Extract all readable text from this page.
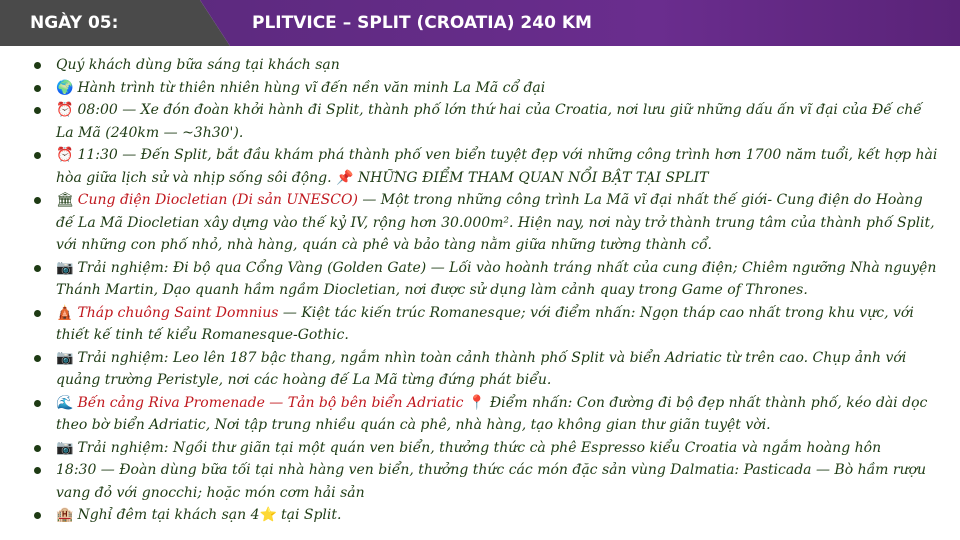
NGÀY 05:	PLITVICE – SPLIT (CROATIA) 240 KM
Quý khách dùng bữa sáng tại khách sạn
🌍 Hành trình từ thiên nhiên hùng vĩ đến nền văn minh La Mã cổ đại
⏰ 08:00 — Xe đón đoàn khởi hành đi Split, thành phố lớn thứ hai của Croatia, nơi lưu giữ những dấu ấn vĩ đại của Đế chế La Mã (240km — ~3h30').
⏰ 11:30 — Đến Split, bắt đầu khám phá thành phố ven biển tuyệt đẹp với những công trình hơn 1700 năm tuổi, kết hợp hài hòa giữa lịch sử và nhịp sống sôi động. 📌 NHỮNG ĐIỂM THAM QUAN NỔI BẬT TẠI SPLIT
🏛 Cung điện Diocletian (Di sản UNESCO) — Một trong những công trình La Mã vĩ đại nhất thế giới- Cung điện do Hoàng đế La Mã Diocletian xây dựng vào thế kỷ IV, rộng hơn 30.000m². Hiện nay, nơi này trở thành trung tâm của thành phố Split, với những con phố nhỏ, nhà hàng, quán cà phê và bảo tàng nằm giữa những tường thành cổ.
📷 Trải nghiệm: Đi bộ qua Cổng Vàng (Golden Gate) — Lối vào hoành tráng nhất của cung điện; Chiêm ngưỡng Nhà nguyện Thánh Martin, Dạo quanh hầm ngầm Diocletian, nơi được sử dụng làm cảnh quay trong Game of Thrones.
🛕 Tháp chuông Saint Domnius — Kiệt tác kiến trúc Romanesque; với điểm nhấn: Ngọn tháp cao nhất trong khu vực, với thiết kế tinh tế kiểu Romanesque-Gothic.
📷 Trải nghiệm: Leo lên 187 bậc thang, ngắm nhìn toàn cảnh thành phố Split và biển Adriatic từ trên cao. Chụp ảnh với quảng trường Peristyle, nơi các hoàng đế La Mã từng đứng phát biểu.
🌊 Bến cảng Riva Promenade — Tản bộ bên biển Adriatic 📍 Điểm nhấn: Con đường đi bộ đẹp nhất thành phố, kéo dài dọc theo bờ biển Adriatic, Nơi tập trung nhiều quán cà phê, nhà hàng, tạo không gian thư giãn tuyệt vời.
📷 Trải nghiệm: Ngồi thư giãn tại một quán ven biển, thưởng thức cà phê Espresso kiểu Croatia và ngắm hoàng hôn
18:30 — Đoàn dùng bữa tối tại nhà hàng ven biển, thưởng thức các món đặc sản vùng Dalmatia: Pasticada — Bò hầm rượu vang đỏ với gnocchi; hoặc món cơm hải sản
🏨 Nghỉ đêm tại khách sạn 4⭐ tại Split.
